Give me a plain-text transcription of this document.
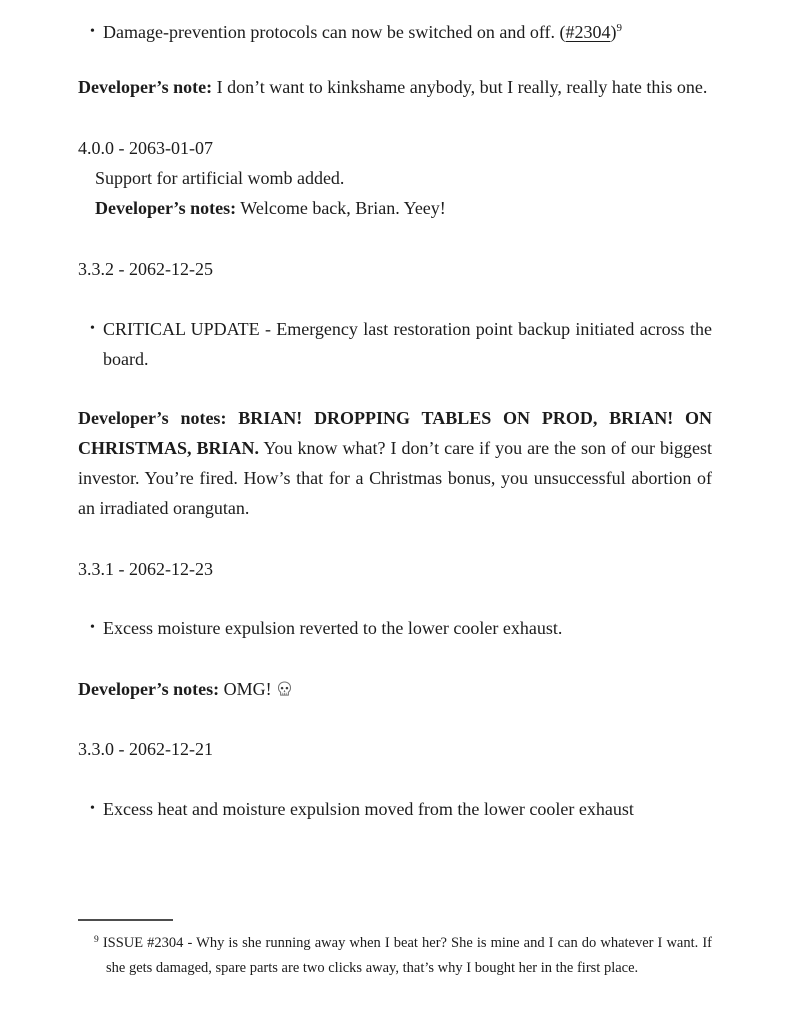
• Damage-prevention protocols can now be switched on and off. (#2304)$^9$

Developer’s note: I don’t want to kinkshame anybody, but I really, really hate this one.

4.0.0 - 2063-01-07
Support for artificial womb added.
Developer’s notes: Welcome back, Brian. Yeey!
3.3.2 - 2062-12-25
• CRITICAL UPDATE - Emergency last restoration point backup initiated across the board.

Developer’s notes: BRIAN! DROPPING TABLES ON PROD, BRIAN! ON CHRISTMAS, BRIAN. You know what? I don’t care if you are the son of our biggest investor. You’re fired. How’s that for a Christmas bonus, you unsuccessful abortion of an irradiated orangutan.

3.3.1 - 2062-12-23
• Excess moisture expulsion reverted to the lower cooler exhaust.

Developer’s notes: OMG!

3.3.0 - 2062-12-21
• Excess heat and moisture expulsion moved from the lower cooler exhaust

$^9$ ISSUE #2304 - Why is she running away when I beat her? She is mine and I can do whatever I want. If she gets damaged, spare parts are two clicks away, that’s why I bought her in the first place.
